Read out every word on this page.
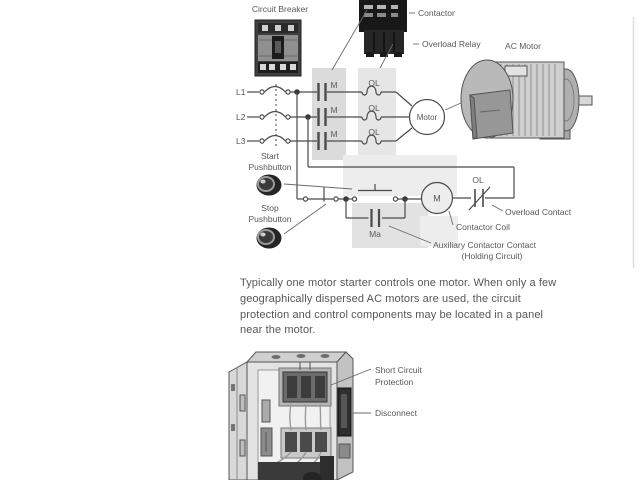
Circuit Breaker	Contactor
Overload Relay	AC Motor
L1
L2
L3
M
M
M
OL
OL
OL
Motor
Ma
M
OL
Overload Contact
Contactor Coil
Auxiliary Contactor Contact
(Holding Circuit)
Start
Pushbutton
Stop
Pushbutton
Short Circuit
Protection
Disconnect
Typically one motor starter controls one motor. When only a few geographically dispersed AC motors are used, the circuit protection and control components may be located in a panel near the motor.
